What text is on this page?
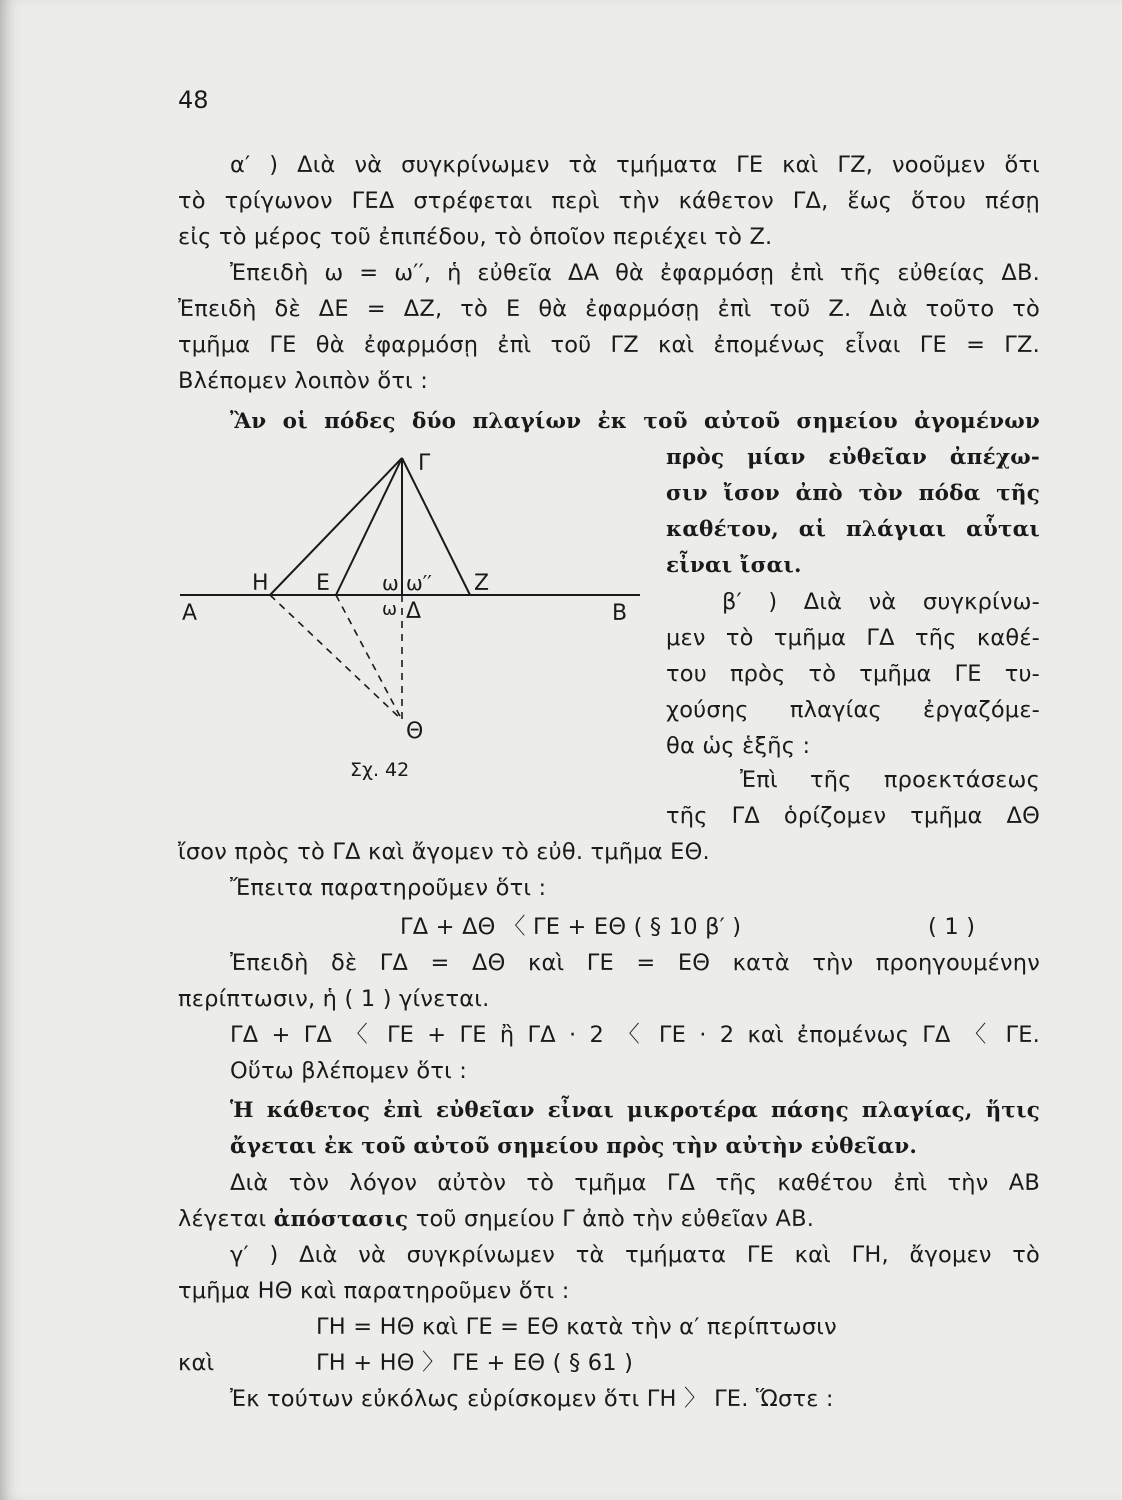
48
α′ ) Διὰ νὰ συγκρίνωμεν τὰ τμήματα ΓΕ καὶ ΓΖ, νοοῦμεν ὅτι
τὸ τρίγωνον ΓΕΔ στρέφεται περὶ τὴν κάθετον ΓΔ, ἕως ὅτου πέσῃ
εἰς τὸ μέρος τοῦ ἐπιπέδου, τὸ ὁποῖον περιέχει τὸ Ζ.
Ἐπειδὴ ω = ω′′, ἡ εὐθεῖα ΔΑ θὰ ἐφαρμόσῃ ἐπὶ τῆς εὐθείας ΔΒ.
Ἐπειδὴ δὲ ΔΕ = ΔΖ, τὸ Ε θὰ ἐφαρμόσῃ ἐπὶ τοῦ Ζ. Διὰ τοῦτο τὸ
τμῆμα ΓΕ θὰ ἐφαρμόσῃ ἐπὶ τοῦ ΓΖ καὶ ἐπομένως εἶναι ΓΕ = ΓΖ.
Βλέπομεν λοιπὸν ὅτι :
Ἂν οἱ πόδες δύο πλαγίων ἐκ τοῦ αὐτοῦ σημείου ἀγομένων
πρὸς μίαν εὐθεῖαν ἀπέχω-
σιν ἴσον ἀπὸ τὸν πόδα τῆς
καθέτου, αἱ πλάγιαι αὗται
εἶναι ἴσαι.
β′ ) Διὰ νὰ συγκρίνω-
μεν τὸ τμῆμα ΓΔ τῆς καθέ-
του πρὸς τὸ τμῆμα ΓΕ τυ-
χούσης πλαγίας ἐργαζόμε-
θα ὡς ἑξῆς :
Ἐπὶ τῆς προεκτάσεως
τῆς ΓΔ ὁρίζομεν τμῆμα ΔΘ
ἴσον πρὸς τὸ ΓΔ καὶ ἄγομεν τὸ εὐθ. τμῆμα ΕΘ.
Ἔπειτα παρατηροῦμεν ὅτι :
ΓΔ + ΔΘ 〈 ΓΕ + ΕΘ ( § 10 β′ )	( 1 )
Ἐπειδὴ δὲ ΓΔ = ΔΘ καὶ ΓΕ = ΕΘ κατὰ τὴν προηγουμένην
περίπτωσιν, ἡ ( 1 ) γίνεται.
ΓΔ + ΓΔ 〈 ΓΕ + ΓΕ ἢ ΓΔ · 2 〈 ΓΕ · 2 καὶ ἐπομένως ΓΔ 〈 ΓΕ.
Οὕτω βλέπομεν ὅτι :
Ἡ κάθετος ἐπὶ εὐθεῖαν εἶναι μικροτέρα πάσης πλαγίας, ἥτις
ἄγεται ἐκ τοῦ αὐτοῦ σημείου πρὸς τὴν αὐτὴν εὐθεῖαν.
Διὰ τὸν λόγον αὐτὸν τὸ τμῆμα ΓΔ τῆς καθέτου ἐπὶ τὴν ΑΒ
λέγεται ἀπόστασις τοῦ σημείου Γ ἀπὸ τὴν εὐθεῖαν ΑΒ.
γ′ ) Διὰ νὰ συγκρίνωμεν τὰ τμήματα ΓΕ καὶ ΓΗ, ἄγομεν τὸ
τμῆμα ΗΘ καὶ παρατηροῦμεν ὅτι :
ΓΗ = ΗΘ καὶ ΓΕ = ΕΘ κατὰ τὴν α′ περίπτωσιν
καὶ	ΓΗ + ΗΘ 〉 ΓΕ + ΕΘ ( § 61 )
Ἐκ τούτων εὐκόλως εὑρίσκομεν ὅτι ΓΗ 〉 ΓΕ. Ὥστε :
Γ
Η Ε	ω ω′′ Ζ
Α	Β
ω Δ
Θ
Σχ. 42
